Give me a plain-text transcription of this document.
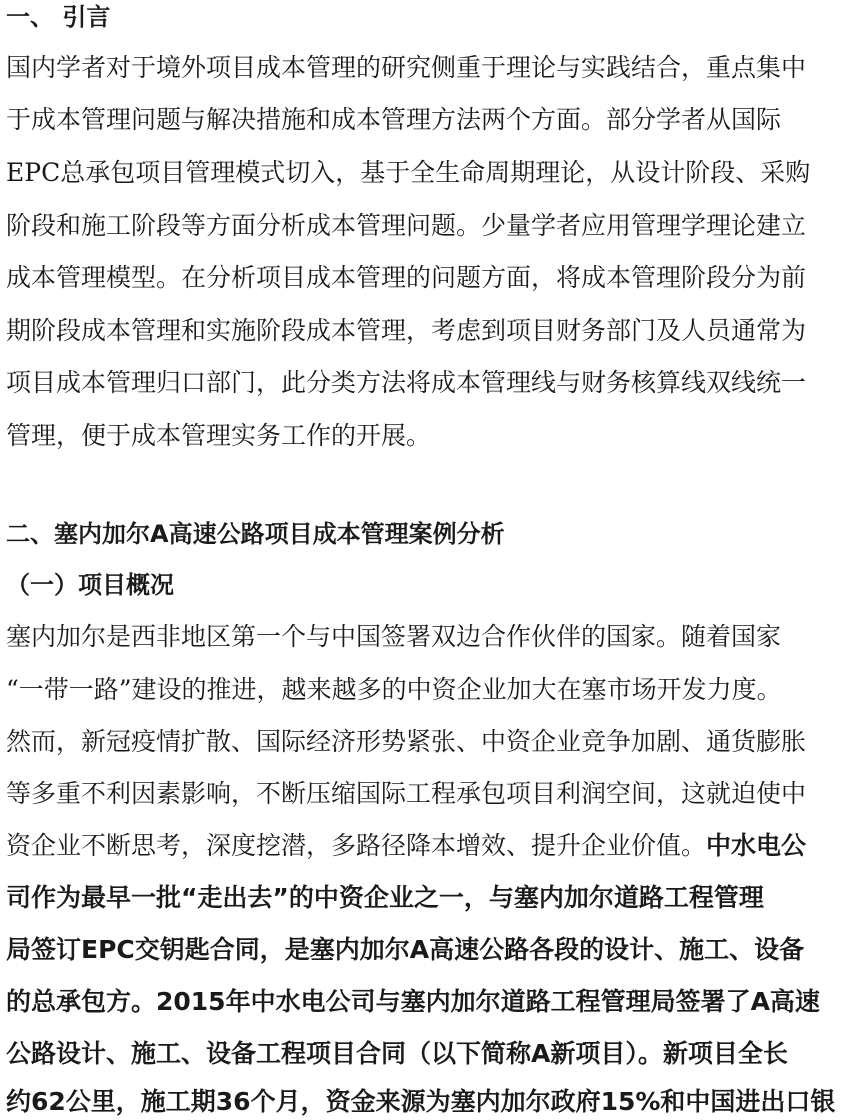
一、 引言
国内学者对于境外项目成本管理的研究侧重于理论与实践结合，重点集中
于成本管理问题与解决措施和成本管理方法两个方面。部分学者从国际
EPC总承包项目管理模式切入，基于全生命周期理论，从设计阶段、采购
阶段和施工阶段等方面分析成本管理问题。少量学者应用管理学理论建立
成本管理模型。在分析项目成本管理的问题方面，将成本管理阶段分为前
期阶段成本管理和实施阶段成本管理，考虑到项目财务部门及人员通常为
项目成本管理归口部门，此分类方法将成本管理线与财务核算线双线统一
管理，便于成本管理实务工作的开展。
二、塞内加尔A高速公路项目成本管理案例分析
（一）项目概况
塞内加尔是西非地区第一个与中国签署双边合作伙伴的国家。随着国家
“一带一路”建设的推进，越来越多的中资企业加大在塞市场开发力度。
然而，新冠疫情扩散、国际经济形势紧张、中资企业竞争加剧、通货膨胀
等多重不利因素影响，不断压缩国际工程承包项目利润空间，这就迫使中
资企业不断思考，深度挖潜，多路径降本增效、提升企业价值。中水电公
司作为最早一批“走出去”的中资企业之一，与塞内加尔道路工程管理
局签订EPC交钥匙合同，是塞内加尔A高速公路各段的设计、施工、设备
的总承包方。2015年中水电公司与塞内加尔道路工程管理局签署了A高速
公路设计、施工、设备工程项目合同（以下简称A新项目）。新项目全长
约62公里，施工期36个月，资金来源为塞内加尔政府15%和中国进出口银
